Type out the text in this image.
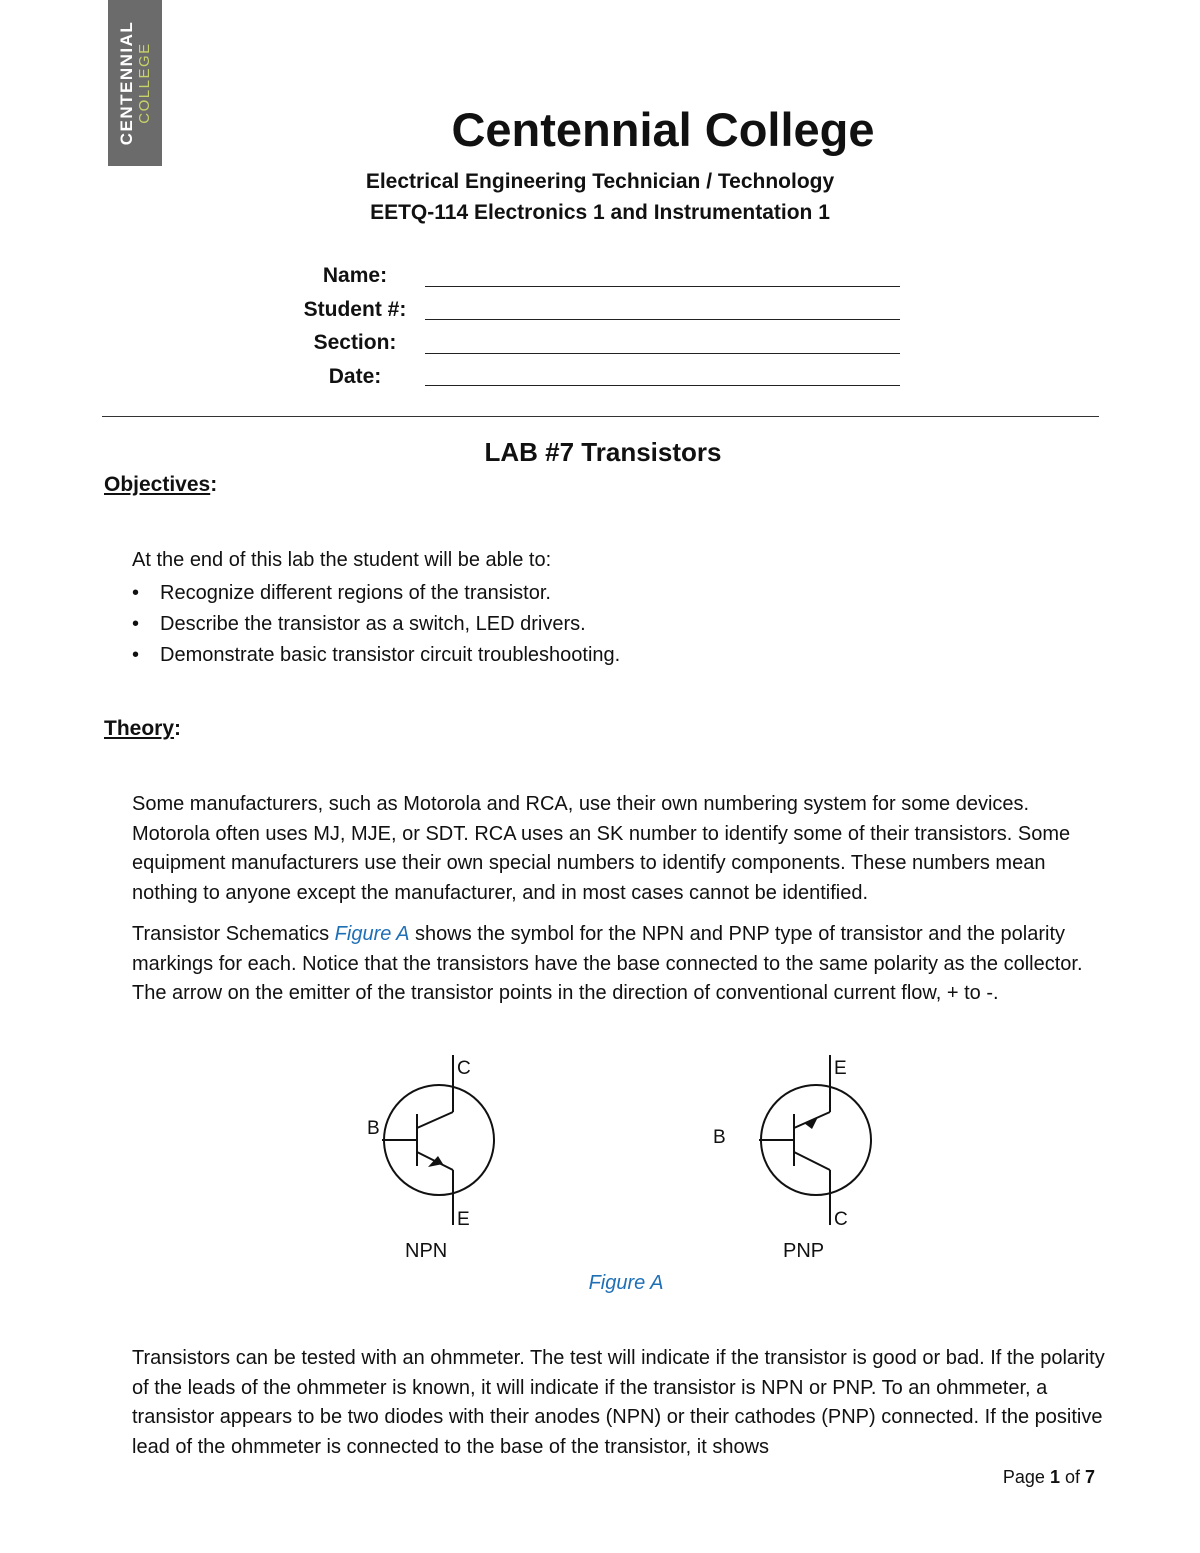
CENTENNIAL COLLEGE
Centennial College
Electrical Engineering Technician / Technology
EETQ-114 Electronics 1 and Instrumentation 1
Name:
Student #:
Section:
Date:
LAB #7 Transistors
Objectives:
At the end of this lab the student will be able to:
• Recognize different regions of the transistor.
• Describe the transistor as a switch, LED drivers.
• Demonstrate basic transistor circuit troubleshooting.
Theory:

Some manufacturers, such as Motorola and RCA, use their own numbering system for some devices. Motorola often uses MJ, MJE, or SDT. RCA uses an SK number to identify some of their transistors. Some equipment manufacturers use their own special numbers to identify components. These numbers mean nothing to anyone except the manufacturer, and in most cases cannot be identified.

Transistor Schematics Figure A shows the symbol for the NPN and PNP type of transistor and the polarity markings for each. Notice that the transistors have the base connected to the same polarity as the collector. The arrow on the emitter of the transistor points in the direction of conventional current flow, + to -.

C
B
E
NPN
E
B
C
PNP
Figure A

Transistors can be tested with an ohmmeter. The test will indicate if the transistor is good or bad. If the polarity of the leads of the ohmmeter is known, it will indicate if the transistor is NPN or PNP. To an ohmmeter, a transistor appears to be two diodes with their anodes (NPN) or their cathodes (PNP) connected. If the positive lead of the ohmmeter is connected to the base of the transistor, it shows

Page 1 of 7
